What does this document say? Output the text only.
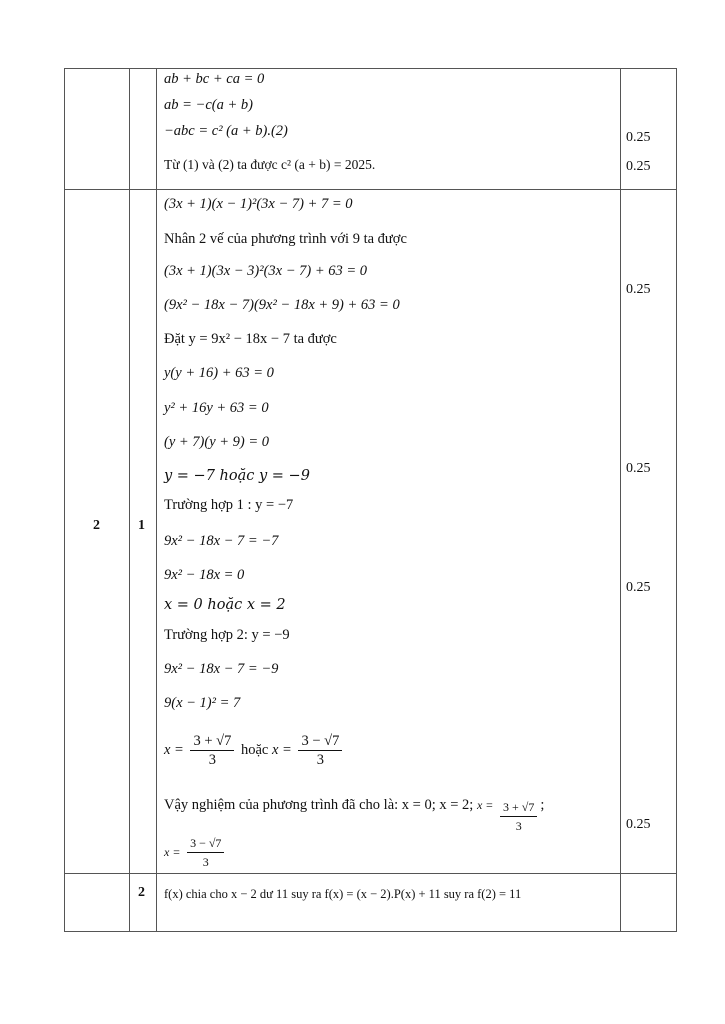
ab + bc + ca = 0
ab = −c(a + b)
−abc = c² (a + b).(2)
Từ (1) và (2) ta được c² (a + b) = 2025.
0.25
0.25
2	1
(3x + 1)(x − 1)²(3x − 7) + 7 = 0
Nhân 2 vế của phương trình với 9 ta được
(3x + 1)(3x − 3)²(3x − 7) + 63 = 0
(9x² − 18x − 7)(9x² − 18x + 9) + 63 = 0
Đặt y = 9x² − 18x − 7 ta được
y(y + 16) + 63 = 0
y² + 16y + 63 = 0
(y + 7)(y + 9) = 0
y = −7 hoặc y = −9
Trường hợp 1 : y = −7
9x² − 18x − 7 = −7
9x² − 18x = 0
x = 0 hoặc x = 2
Trường hợp 2: y = −9
9x² − 18x − 7 = −9
9(x − 1)² = 7
$x = \frac{3 + √7}{3}$ hoặc $x = \frac{3 - √7}{3}$
Vậy nghiệm của phương trình đã cho là: x = 0; x = 2; $x = \frac{3 + √7}{3}$ ;
$x = \frac{3 - √7}{3}$
0.25
0.25
0.25
0.25
2 f(x) chia cho x − 2 dư 11 suy ra f(x) = (x − 2).P(x) + 11 suy ra f(2) = 11
